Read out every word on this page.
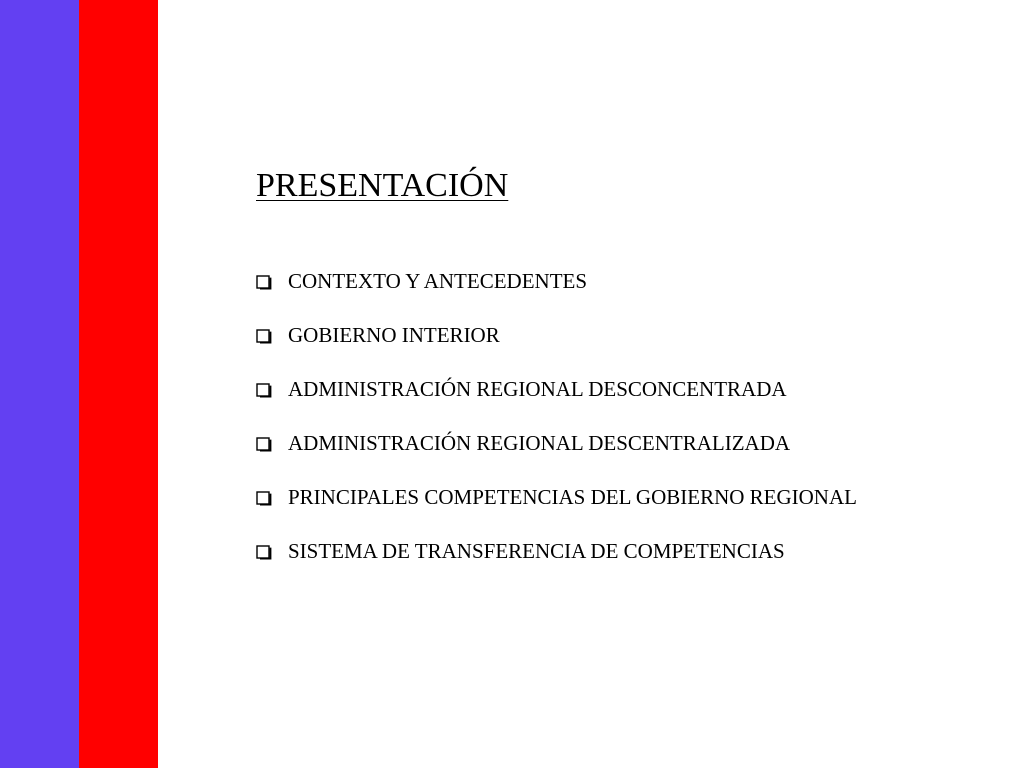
PRESENTACIÓN
CONTEXTO Y ANTECEDENTES
GOBIERNO INTERIOR
ADMINISTRACIÓN REGIONAL DESCONCENTRADA
ADMINISTRACIÓN REGIONAL DESCENTRALIZADA
PRINCIPALES COMPETENCIAS DEL GOBIERNO REGIONAL
SISTEMA DE TRANSFERENCIA DE COMPETENCIAS
